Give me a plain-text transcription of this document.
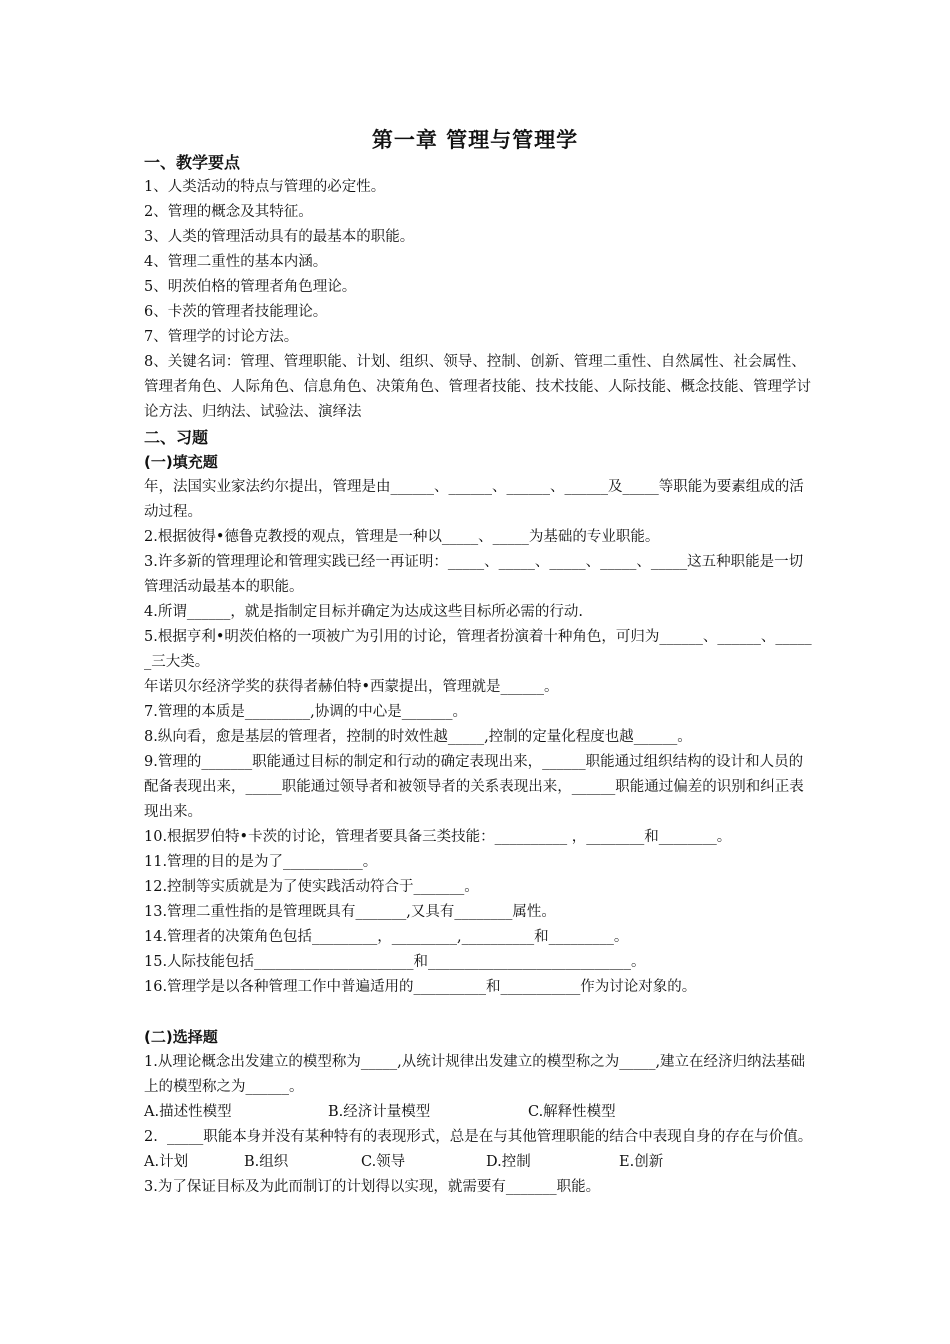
第一章 管理与管理学
一、教学要点
1、人类活动的特点与管理的必定性。
2、管理的概念及其特征。
3、人类的管理活动具有的最基本的职能。
4、管理二重性的基本内涵。
5、明茨伯格的管理者角色理论。
6、卡茨的管理者技能理论。
7、管理学的讨论方法。
8、关键名词：管理、管理职能、计划、组织、领导、控制、创新、管理二重性、自然属性、社会属性、管理者角色、人际角色、信息角色、决策角色、管理者技能、技术技能、人际技能、概念技能、管理学讨论方法、归纳法、试验法、演绎法
二、习题
(一)填充题
年，法国实业家法约尔提出，管理是由______、______、______、______及_____等职能为要素组成的活动过程。
2.根据彼得•德鲁克教授的观点，管理是一种以_____、_____为基础的专业职能。
3.许多新的管理理论和管理实践已经一再证明：_____、_____、_____、_____、_____这五种职能是一切管理活动最基本的职能。
4.所谓______，就是指制定目标并确定为达成这些目标所必需的行动.
5.根据亨利•明茨伯格的一项被广为引用的讨论，管理者扮演着十种角色，可归为______、______、______三大类。
年诺贝尔经济学奖的获得者赫伯特•西蒙提出，管理就是______。
7.管理的本质是_________,协调的中心是_______。
8.纵向看，愈是基层的管理者，控制的时效性越_____,控制的定量化程度也越______。
9.管理的_______职能通过目标的制定和行动的确定表现出来，______职能通过组织结构的设计和人员的配备表现出来，_____职能通过领导者和被领导者的关系表现出来，______职能通过偏差的识别和纠正表现出来。
10.根据罗伯特•卡茨的讨论，管理者要具备三类技能：__________ ，________和________。
11.管理的目的是为了___________。
12.控制等实质就是为了使实践活动符合于_______。
13.管理二重性指的是管理既具有_______,又具有________属性。
14.管理者的决策角色包括_________，_________,__________和_________。
15.人际技能包括______________________和____________________________。
16.管理学是以各种管理工作中普遍适用的__________和___________作为讨论对象的。
(二)选择题
1.从理论概念出发建立的模型称为_____,从统计规律出发建立的模型称之为_____,建立在经济归纳法基础上的模型称之为______。
A.描述性模型	B.经济计量模型	C.解释性模型
2.  _____职能本身并没有某种特有的表现形式，总是在与其他管理职能的结合中表现自身的存在与价值。
A.计划	B.组织	C.领导	D.控制	E.创新
3.为了保证目标及为此而制订的计划得以实现，就需要有_______职能。
